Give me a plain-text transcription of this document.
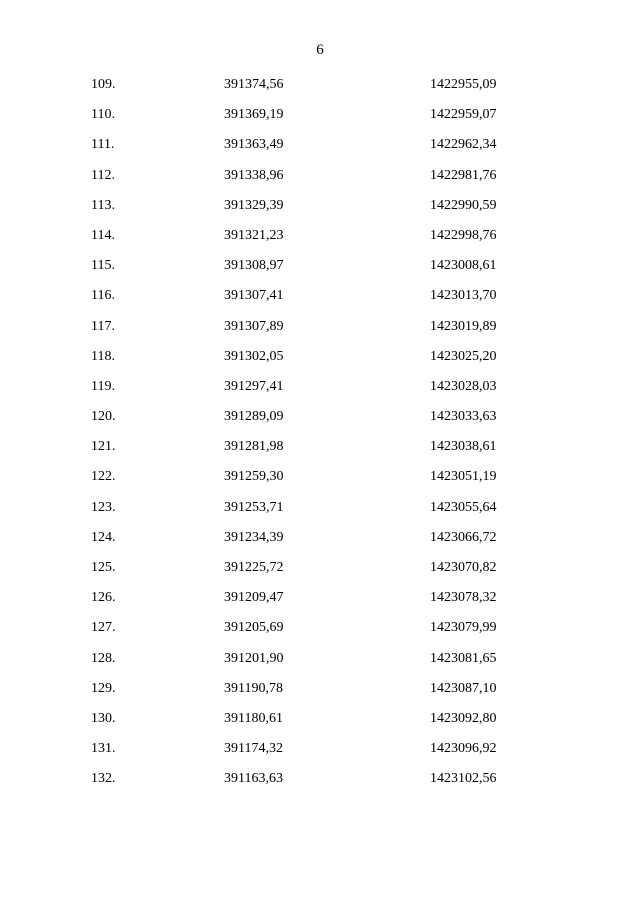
6
109.	391374,56	1422955,09
110.	391369,19	1422959,07
111.	391363,49	1422962,34
112.	391338,96	1422981,76
113.	391329,39	1422990,59
114.	391321,23	1422998,76
115.	391308,97	1423008,61
116.	391307,41	1423013,70
117.	391307,89	1423019,89
118.	391302,05	1423025,20
119.	391297,41	1423028,03
120.	391289,09	1423033,63
121.	391281,98	1423038,61
122.	391259,30	1423051,19
123.	391253,71	1423055,64
124.	391234,39	1423066,72
125.	391225,72	1423070,82
126.	391209,47	1423078,32
127.	391205,69	1423079,99
128.	391201,90	1423081,65
129.	391190,78	1423087,10
130.	391180,61	1423092,80
131.	391174,32	1423096,92
132.	391163,63	1423102,56
